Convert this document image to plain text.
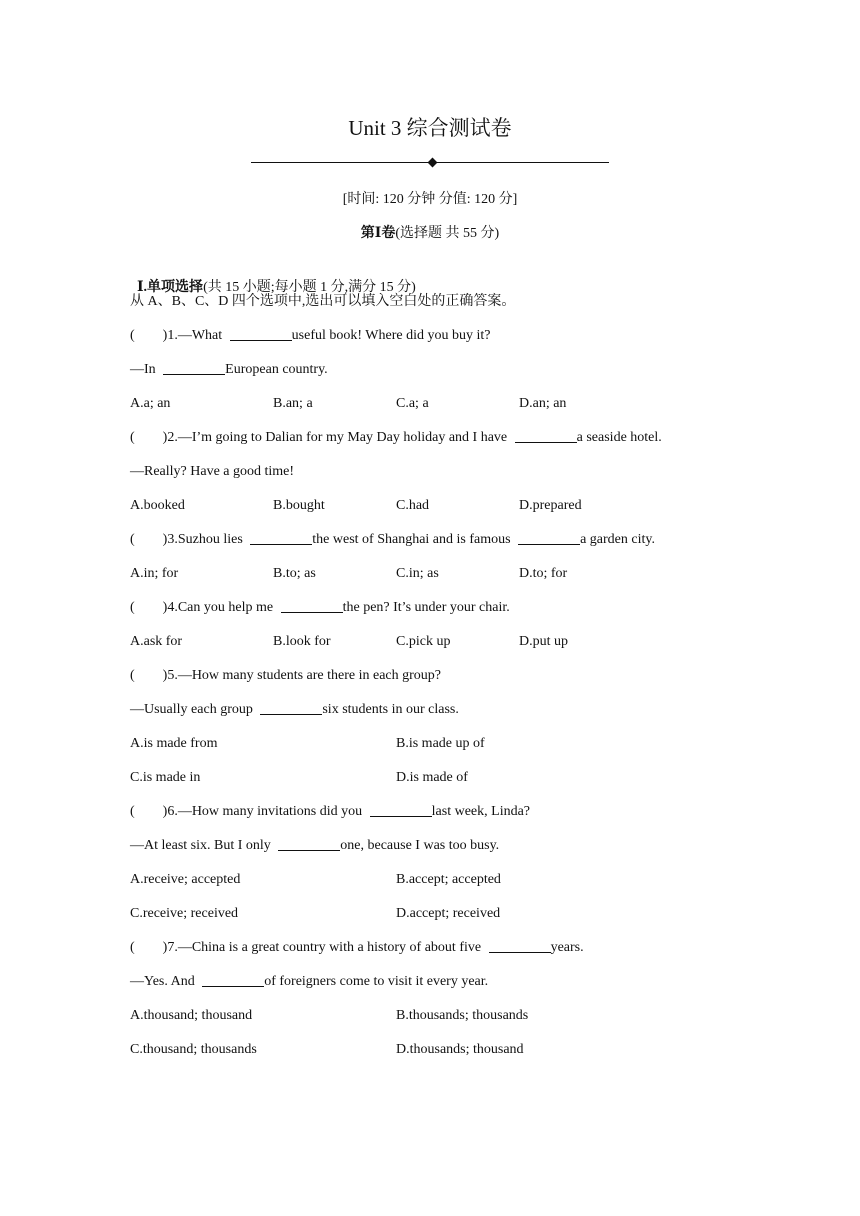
Unit 3 综合测试卷
[时间: 120 分钟 分值: 120 分]
第Ⅰ卷(选择题 共 55 分)

Ⅰ.单项选择(共 15 小题;每小题 1 分,满分 15 分)

从 A、B、C、D 四个选项中,选出可以填入空白处的正确答案。
(        )1.—What	useful book! Where did you buy it?
—In	European country.
A.a; an	B.an; a	C.a; a	D.an; an
(        )2.—I’m going to Dalian for my May Day holiday and I have	a seaside hotel.
—Really? Have a good time!
A.booked	B.bought	C.had	D.prepared
(        )3.Suzhou lies	the west of Shanghai and is famous	a garden city.
A.in; for	B.to; as	C.in; as	D.to; for
(        )4.Can you help me	the pen? It’s under your chair.
A.ask for	B.look for	C.pick up	D.put up
(        )5.—How many students are there in each group?
—Usually each group	six students in our class.
A.is made from	B.is made up of
C.is made in	D.is made of
(        )6.—How many invitations did you	last week, Linda?
—At least six. But I only	one, because I was too busy.
A.receive; accepted	B.accept; accepted
C.receive; received	D.accept; received
(        )7.—China is a great country with a history of about five	years.
—Yes. And	of foreigners come to visit it every year.
A.thousand; thousand	B.thousands; thousands
C.thousand; thousands	D.thousands; thousand
